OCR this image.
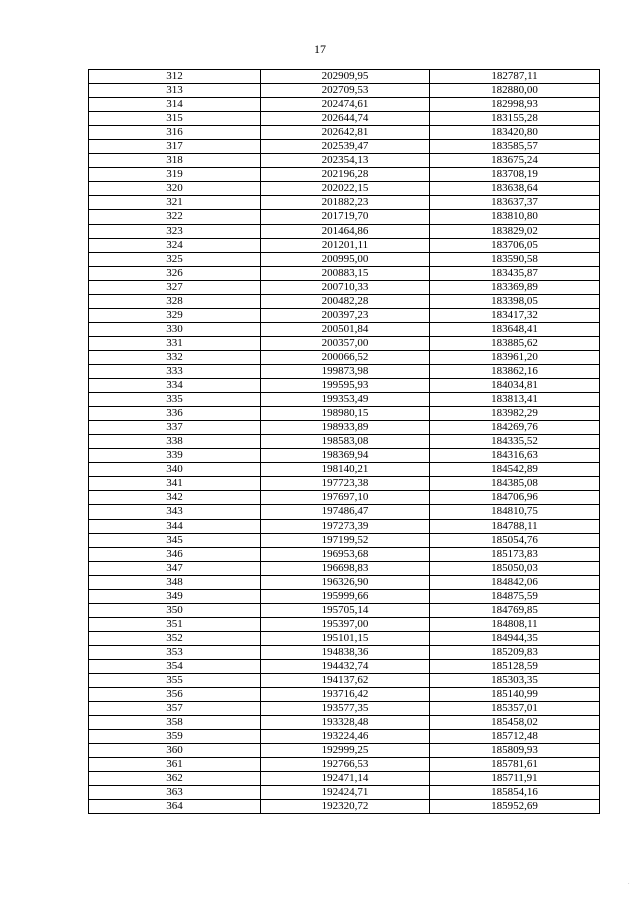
17
312	202909,95	182787,11
313	202709,53	182880,00
314	202474,61	182998,93
315	202644,74	183155,28
316	202642,81	183420,80
317	202539,47	183585,57
318	202354,13	183675,24
319	202196,28	183708,19
320	202022,15	183638,64
321	201882,23	183637,37
322	201719,70	183810,80
323	201464,86	183829,02
324	201201,11	183706,05
325	200995,00	183590,58
326	200883,15	183435,87
327	200710,33	183369,89
328	200482,28	183398,05
329	200397,23	183417,32
330	200501,84	183648,41
331	200357,00	183885,62
332	200066,52	183961,20
333	199873,98	183862,16
334	199595,93	184034,81
335	199353,49	183813,41
336	198980,15	183982,29
337	198933,89	184269,76
338	198583,08	184335,52
339	198369,94	184316,63
340	198140,21	184542,89
341	197723,38	184385,08
342	197697,10	184706,96
343	197486,47	184810,75
344	197273,39	184788,11
345	197199,52	185054,76
346	196953,68	185173,83
347	196698,83	185050,03
348	196326,90	184842,06
349	195999,66	184875,59
350	195705,14	184769,85
351	195397,00	184808,11
352	195101,15	184944,35
353	194838,36	185209,83
354	194432,74	185128,59
355	194137,62	185303,35
356	193716,42	185140,99
357	193577,35	185357,01
358	193328,48	185458,02
359	193224,46	185712,48
360	192999,25	185809,93
361	192766,53	185781,61
362	192471,14	185711,91
363	192424,71	185854,16
364	192320,72	185952,69
.
